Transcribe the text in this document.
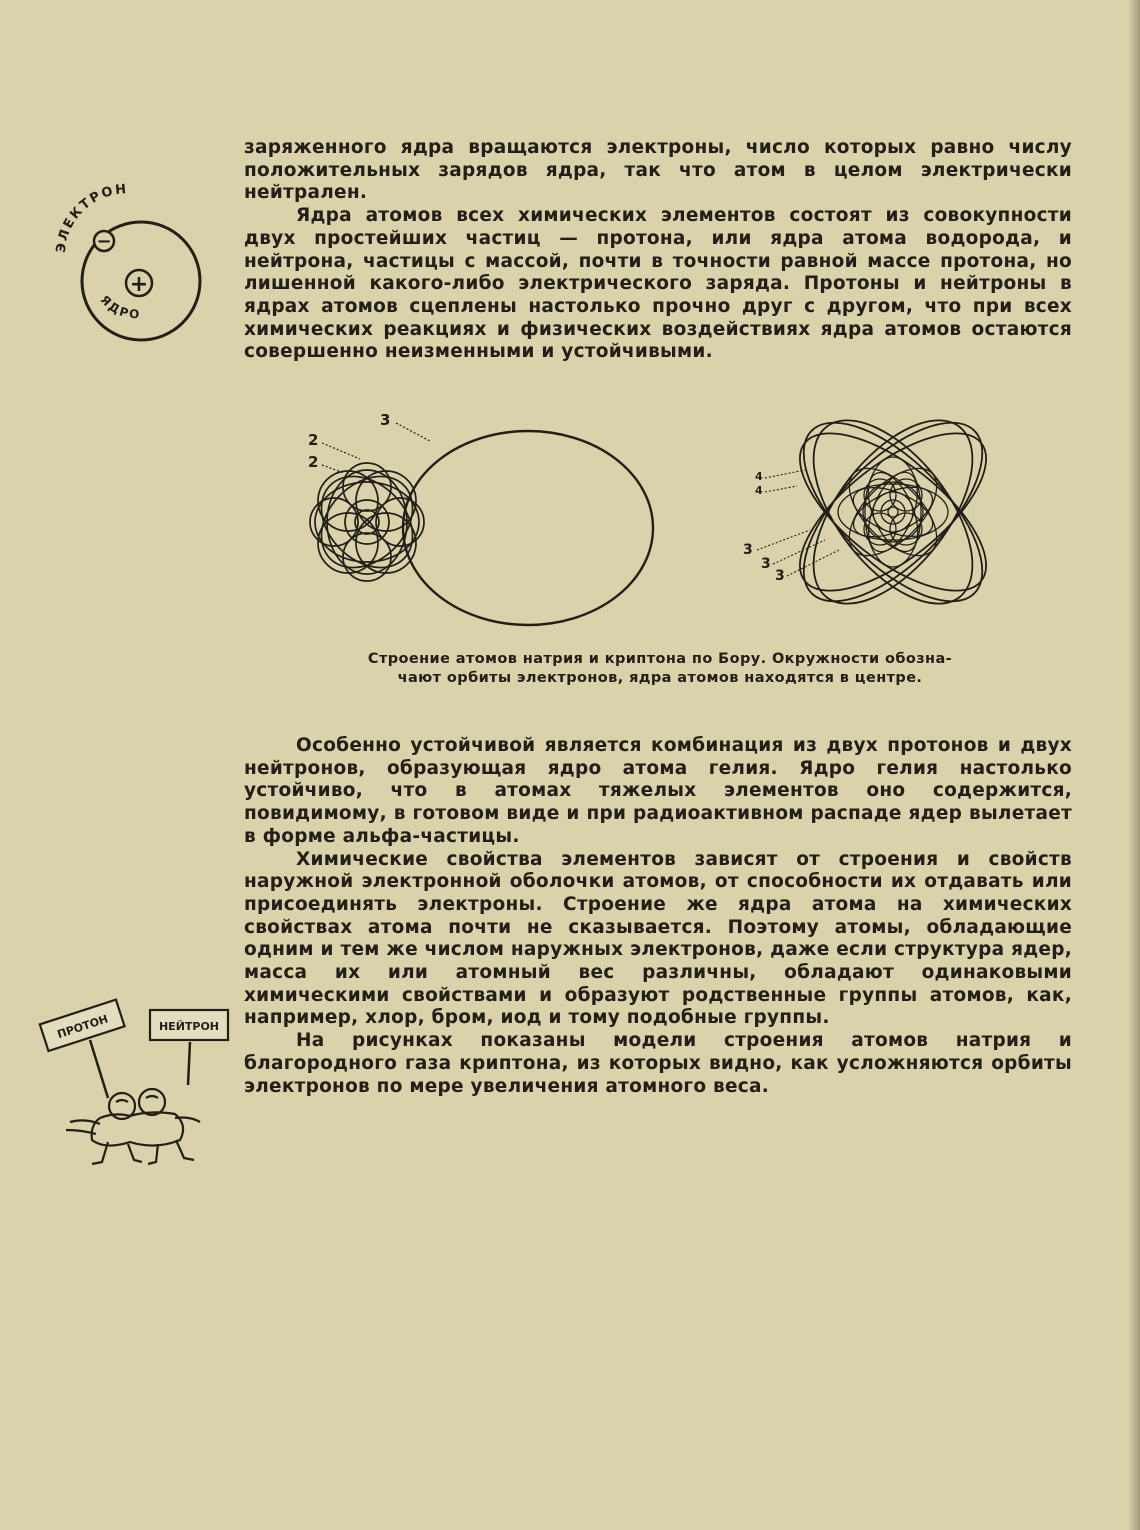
ЭЛЕКТРОН
−
+
ЯДРО

заряженного ядра вращаются электроны, число которых равно числу положительных зарядов ядра, так что атом в целом электрически нейтрален.

Ядра атомов всех химических элементов состоят из совокупности двух простейших частиц — протона, или ядра атома водорода, и нейтрона, частицы с массой, почти в точности равной массе протона, но лишенной какого-либо электрического заряда. Протоны и нейтроны в ядрах атомов сцеплены настолько прочно друг с другом, что при всех химических реакциях и физических воздействиях ядра атомов остаются совершенно неизменными и устойчивыми.

3
2
2
4
4
3
3
3
Строение атомов натрия и криптона по Бору. Окружности обозна-
чают орбиты электронов, ядра атомов находятся в центре.

Особенно устойчивой является комбинация из двух протонов и двух нейтронов, образующая ядро атома гелия. Ядро гелия настолько устойчиво, что в атомах тяжелых элементов оно содержится, повидимому, в готовом виде и при радиоактивном распаде ядер вылетает в форме альфа-частицы.

Химические свойства элементов зависят от строения и свойств наружной электронной оболочки атомов, от способности их отдавать или присоединять электроны. Строение же ядра атома на химических свойствах атома почти не сказывается. Поэтому атомы, обладающие одним и тем же числом наружных электронов, даже если структура ядер, масса их или атомный вес различны, обладают одинаковыми химическими свойствами и образуют родственные группы атомов, как, например, хлор, бром, иод и тому подобные группы.

На рисунках показаны модели строения атомов натрия и благородного газа криптона, из которых видно, как усложняются орбиты электронов по мере увеличения атомного веса.

ПРОТОН	НЕЙТРОН
